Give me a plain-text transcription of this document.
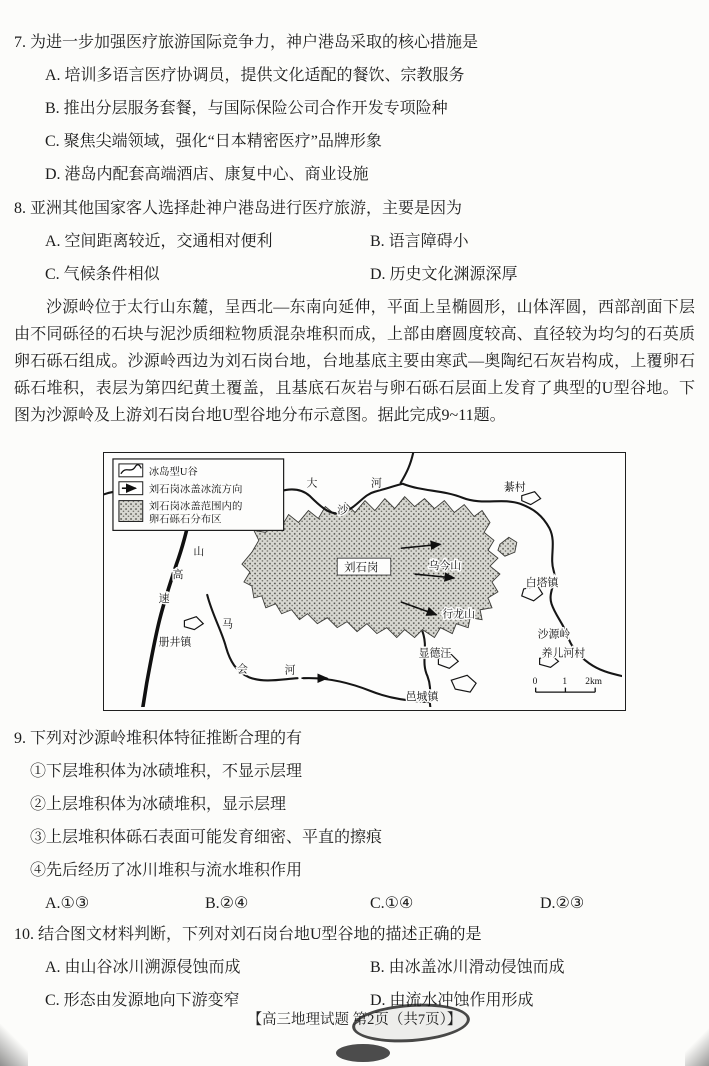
7. 为进一步加强医疗旅游国际竞争力，神户港岛采取的核心措施是
A. 培训多语言医疗协调员，提供文化适配的餐饮、宗教服务
B. 推出分层服务套餐，与国际保险公司合作开发专项险种
C. 聚焦尖端领域，强化“日本精密医疗”品牌形象
D. 港岛内配套高端酒店、康复中心、商业设施
8. 亚洲其他国家客人选择赴神户港岛进行医疗旅游，主要是因为
A. 空间距离较近，交通相对便利	B. 语言障碍小
C. 气候条件相似	D. 历史文化渊源深厚
沙源岭位于太行山东麓，呈西北—东南向延伸，平面上呈椭圆形，山体浑圆，西部剖面下层由不同砾径的石块与泥沙质细粒物质混杂堆积而成，上部由磨圆度较高、直径较为均匀的石英质卵石砾石组成。沙源岭西边为刘石岗台地，台地基底主要由寒武—奥陶纪石灰岩构成，上覆卵石砾石堆积，表层为第四纪黄土覆盖，且基底石灰岩与卵石砾石层面上发育了典型的U型谷地。下图为沙源岭及上游刘石岗台地U型谷地分布示意图。据此完成9~11题。
大
沙
河	綦村
山
高
速
马
会	河
册井镇
乌今山
白塔镇
行龙山
沙源岭
养儿河村
显德汪
邑城镇
刘石岗
冰岛型U谷
刘石岗冰盖冰流方向
刘石岗冰盖范围内的
卵石砾石分布区
0	1 2km
9. 下列对沙源岭堆积体特征推断合理的有
①下层堆积体为冰碛堆积，不显示层理
②上层堆积体为冰碛堆积，显示层理
③上层堆积体砾石表面可能发育细密、平直的擦痕
④先后经历了冰川堆积与流水堆积作用
A.①③	B.②④	C.①④	D.②③
10. 结合图文材料判断，下列对刘石岗台地U型谷地的描述正确的是
A. 由山谷冰川溯源侵蚀而成	B. 由冰盖冰川滑动侵蚀而成
C. 形态由发源地向下游变窄	D. 由流水冲蚀作用形成
【高三地理试题 第2页（共7页）】
